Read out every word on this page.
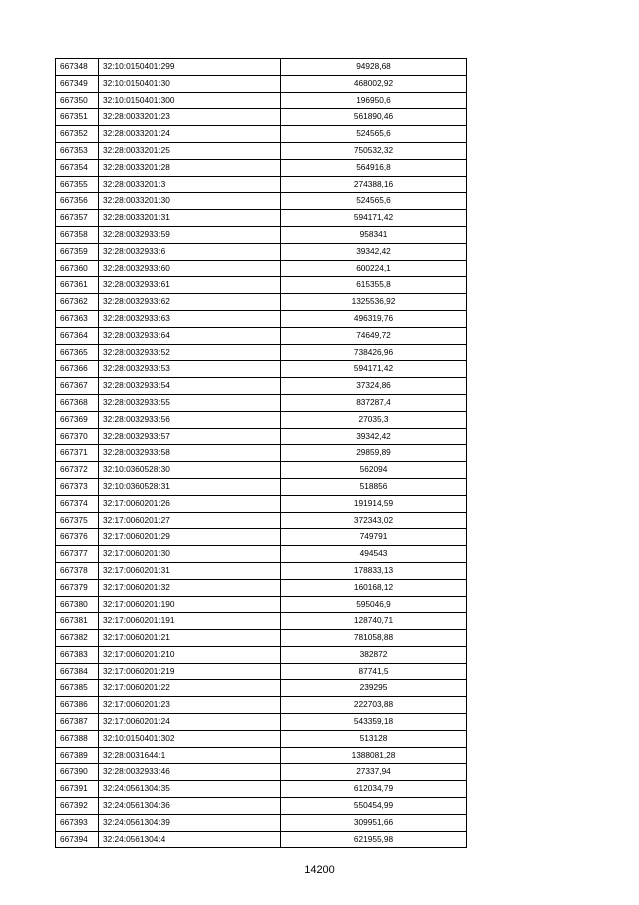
667348	32:10:0150401:299	94928,68
667349	32:10:0150401:30	468002,92
667350	32:10:0150401:300	196950,6
667351	32:28:0033201:23	561890,46
667352	32:28:0033201:24	524565,6
667353	32:28:0033201:25	750532,32
667354	32:28:0033201:28	564916,8
667355	32:28:0033201:3	274388,16
667356	32:28:0033201:30	524565,6
667357	32:28:0033201:31	594171,42
667358	32:28:0032933:59	958341
667359	32:28:0032933:6	39342,42
667360	32:28:0032933:60	600224,1
667361	32:28:0032933:61	615355,8
667362	32:28:0032933:62	1325536,92
667363	32:28:0032933:63	496319,76
667364	32:28:0032933:64	74649,72
667365	32:28:0032933:52	738426,96
667366	32:28:0032933:53	594171,42
667367	32:28:0032933:54	37324,86
667368	32:28:0032933:55	837287,4
667369	32:28:0032933:56	27035,3
667370	32:28:0032933:57	39342,42
667371	32:28:0032933:58	29859,89
667372	32:10:0360528:30	562094
667373	32:10:0360528:31	518856
667374	32:17:0060201:26	191914,59
667375	32:17:0060201:27	372343,02
667376	32:17:0060201:29	749791
667377	32:17:0060201:30	494543
667378	32:17:0060201:31	178833,13
667379	32:17:0060201:32	160168,12
667380	32:17:0060201:190	595046,9
667381	32:17:0060201:191	128740,71
667382	32:17:0060201:21	781058,88
667383	32:17:0060201:210	382872
667384	32:17:0060201:219	87741,5
667385	32:17:0060201:22	239295
667386	32:17:0060201:23	222703,88
667387	32:17:0060201:24	543359,18
667388	32:10:0150401:302	513128
667389	32:28:0031644:1	1388081,28
667390	32:28:0032933:46	27337,94
667391	32:24:0561304:35	612034,79
667392	32:24:0561304:36	550454,99
667393	32:24:0561304:39	309951,66
667394	32:24:0561304:4	621955,98
14200
